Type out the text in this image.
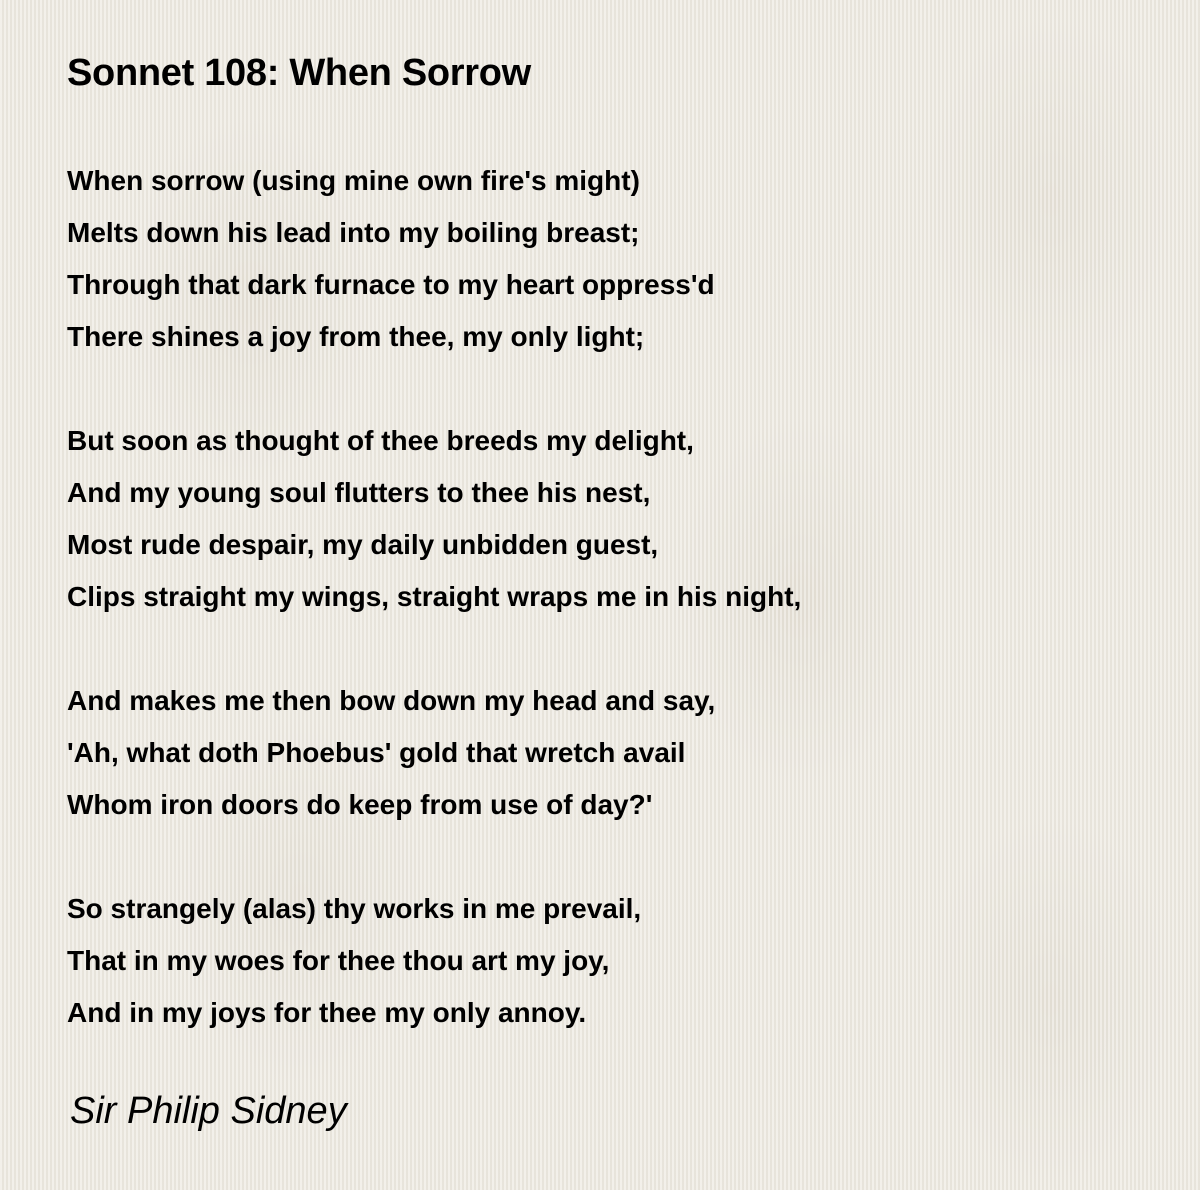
Sonnet 108: When Sorrow
When sorrow (using mine own fire's might)
Melts down his lead into my boiling breast;
Through that dark furnace to my heart oppress'd
There shines a joy from thee, my only light;
But soon as thought of thee breeds my delight,
And my young soul flutters to thee his nest,
Most rude despair, my daily unbidden guest,
Clips straight my wings, straight wraps me in his night,
And makes me then bow down my head and say,
'Ah, what doth Phoebus' gold that wretch avail
Whom iron doors do keep from use of day?'
So strangely (alas) thy works in me prevail,
That in my woes for thee thou art my joy,
And in my joys for thee my only annoy.

Sir Philip Sidney
